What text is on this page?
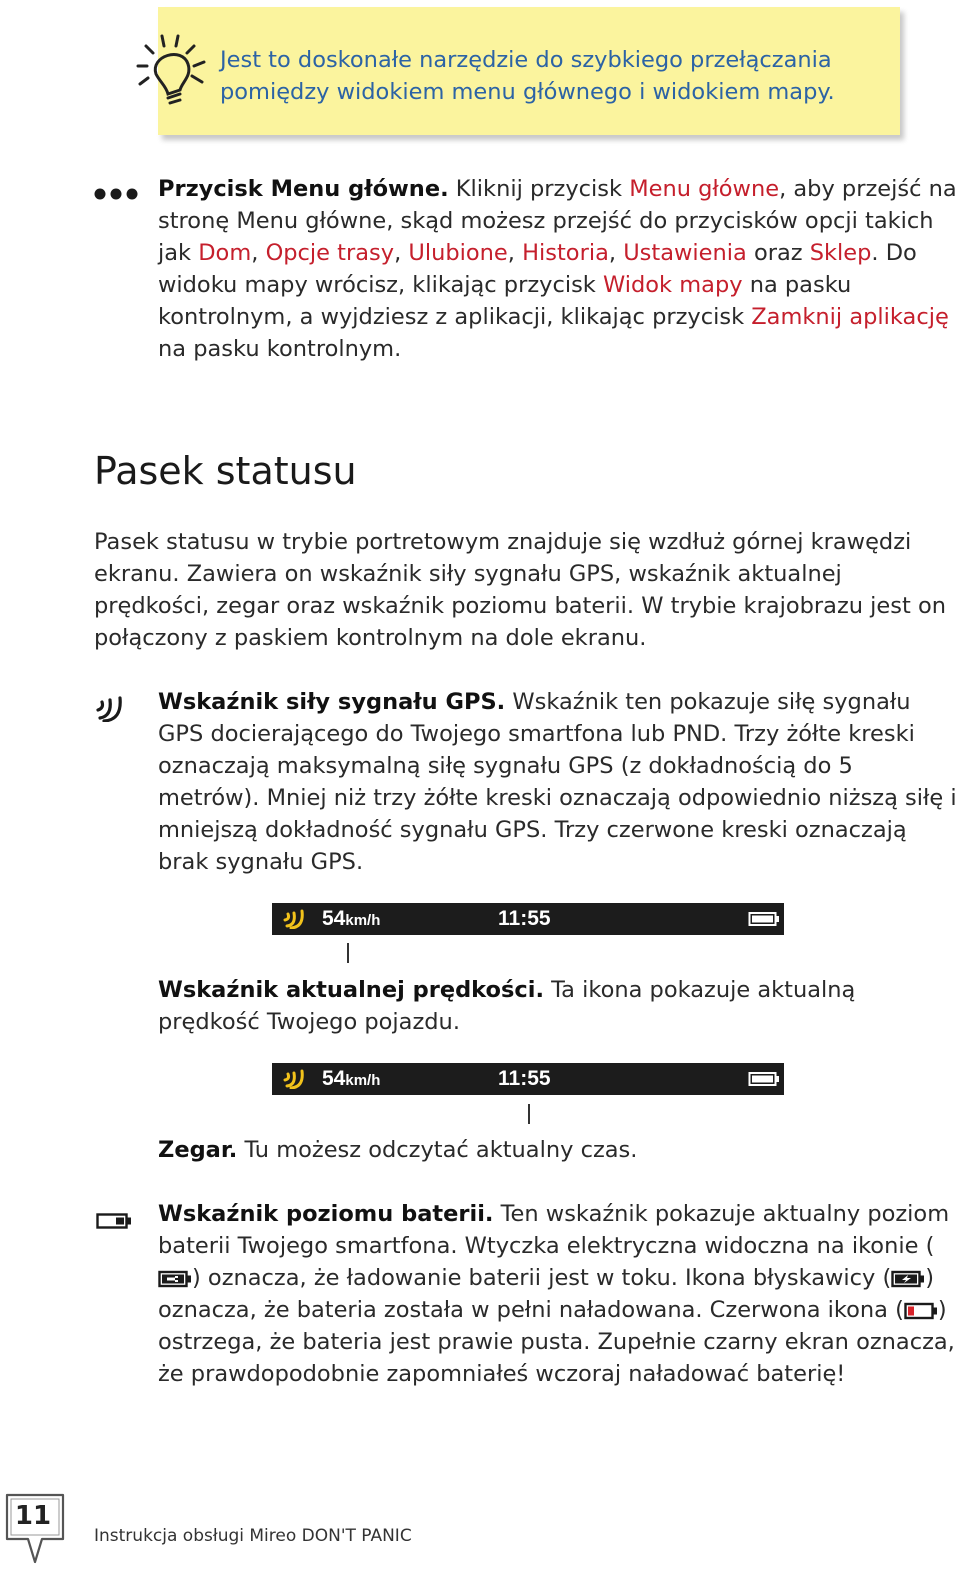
Jest to doskonałe narzędzie do szybkiego przełączania pomiędzy widokiem menu głównego i widokiem mapy.
Przycisk Menu główne. Kliknij przycisk Menu główne, aby przejść na stronę Menu główne, skąd możesz przejść do przycisków opcji takich jak Dom, Opcje trasy, Ulubione, Historia, Ustawienia oraz Sklep. Do widoku mapy wrócisz, klikając przycisk Widok mapy na pasku kontrolnym, a wyjdziesz z aplikacji, klikając przycisk Zamknij aplikację na pasku kontrolnym.
Pasek statusu
Pasek statusu w trybie portretowym znajduje się wzdłuż górnej krawędzi ekranu. Zawiera on wskaźnik siły sygnału GPS, wskaźnik aktualnej prędkości, zegar oraz wskaźnik poziomu baterii. W trybie krajobrazu jest on połączony z paskiem kontrolnym na dole ekranu.
Wskaźnik siły sygnału GPS. Wskaźnik ten pokazuje siłę sygnału GPS docierającego do Twojego smartfona lub PND. Trzy żółte kreski oznaczają maksymalną siłę sygnału GPS (z dokładnością do 5 metrów). Mniej niż trzy żółte kreski oznaczają odpowiednio niższą siłę i mniejszą dokładność sygnału GPS. Trzy czerwone kreski oznaczają brak sygnału GPS.
54km/h	11:55
Wskaźnik aktualnej prędkości. Ta ikona pokazuje aktualną prędkość Twojego pojazdu.
54km/h	11:55
Zegar. Tu możesz odczytać aktualny czas.
Wskaźnik poziomu baterii. Ten wskaźnik pokazuje aktualny poziom baterii Twojego smartfona. Wtyczka elektryczna widoczna na ikonie () oznacza, że ładowanie baterii jest w toku. Ikona błyskawicy ( ) oznacza, że bateria została w pełni naładowana. Czerwona ikona ( ) ostrzega, że bateria jest prawie pusta. Zupełnie czarny ekran oznacza, że prawdopodobnie zapomniałeś wczoraj naładować baterię!
11
Instrukcja obsługi Mireo DON'T PANIC
